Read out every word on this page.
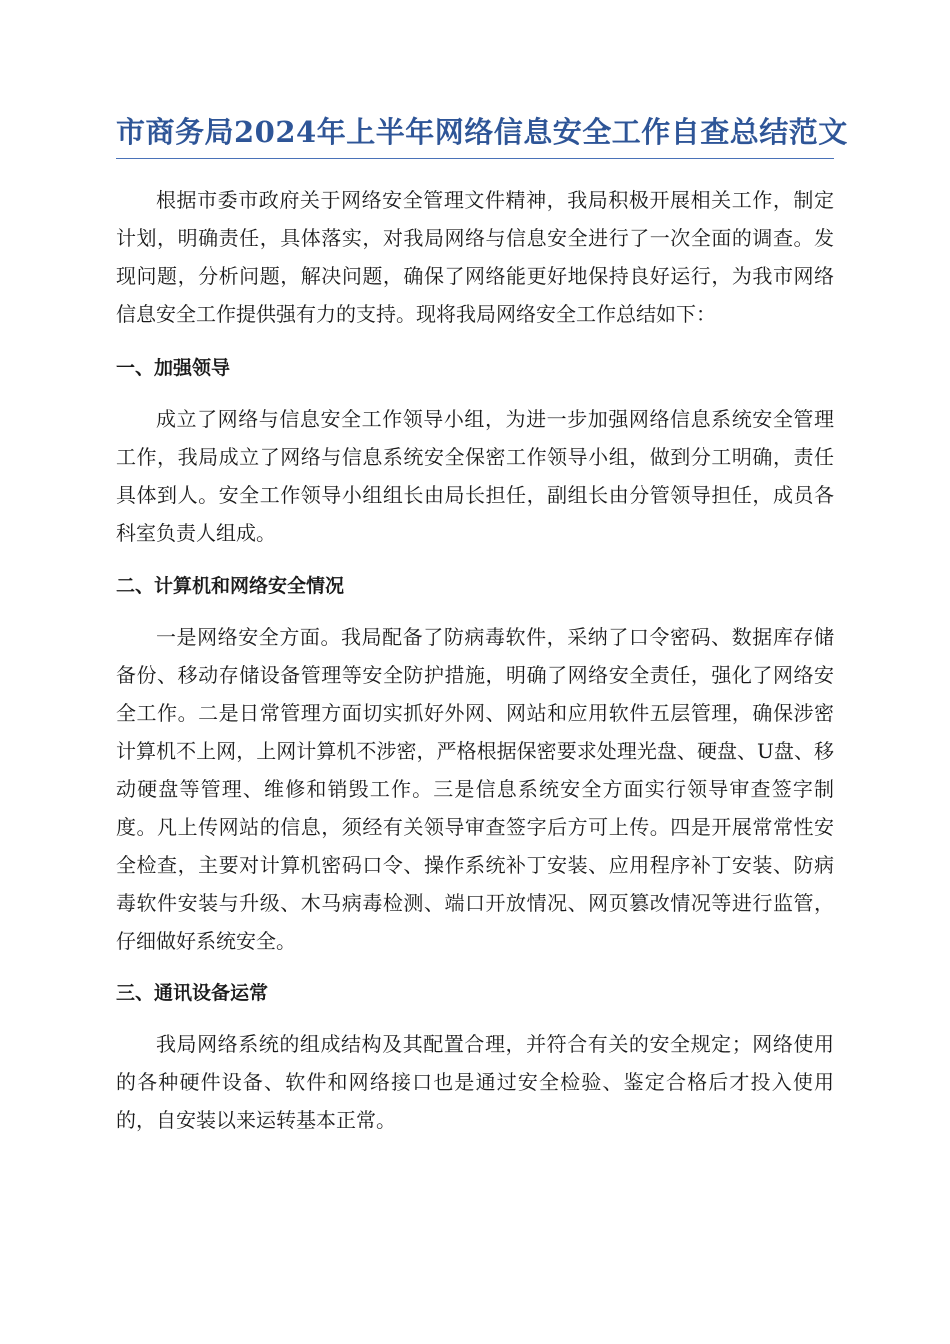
市商务局2024年上半年网络信息安全工作自查总结范文

根据市委市政府关于网络安全管理文件精神，我局积极开展相关工作，制定计划，明确责任，具体落实，对我局网络与信息安全进行了一次全面的调查。发现问题，分析问题，解决问题，确保了网络能更好地保持良好运行，为我市网络信息安全工作提供强有力的支持。现将我局网络安全工作总结如下：

一、加强领导

成立了网络与信息安全工作领导小组，为进一步加强网络信息系统安全管理工作，我局成立了网络与信息系统安全保密工作领导小组，做到分工明确，责任具体到人。安全工作领导小组组长由局长担任，副组长由分管领导担任，成员各科室负责人组成。

二、计算机和网络安全情况

一是网络安全方面。我局配备了防病毒软件，采纳了口令密码、数据库存储备份、移动存储设备管理等安全防护措施，明确了网络安全责任，强化了网络安全工作。二是日常管理方面切实抓好外网、网站和应用软件五层管理，确保涉密计算机不上网，上网计算机不涉密，严格根据保密要求处理光盘、硬盘、U盘、移动硬盘等管理、维修和销毁工作。三是信息系统安全方面实行领导审查签字制度。凡上传网站的信息，须经有关领导审查签字后方可上传。四是开展常常性安全检查，主要对计算机密码口令、操作系统补丁安装、应用程序补丁安装、防病毒软件安装与升级、木马病毒检测、端口开放情况、网页篡改情况等进行监管，仔细做好系统安全。

三、通讯设备运常

我局网络系统的组成结构及其配置合理，并符合有关的安全规定；网络使用的各种硬件设备、软件和网络接口也是通过安全检验、鉴定合格后才投入使用的，自安装以来运转基本正常。
